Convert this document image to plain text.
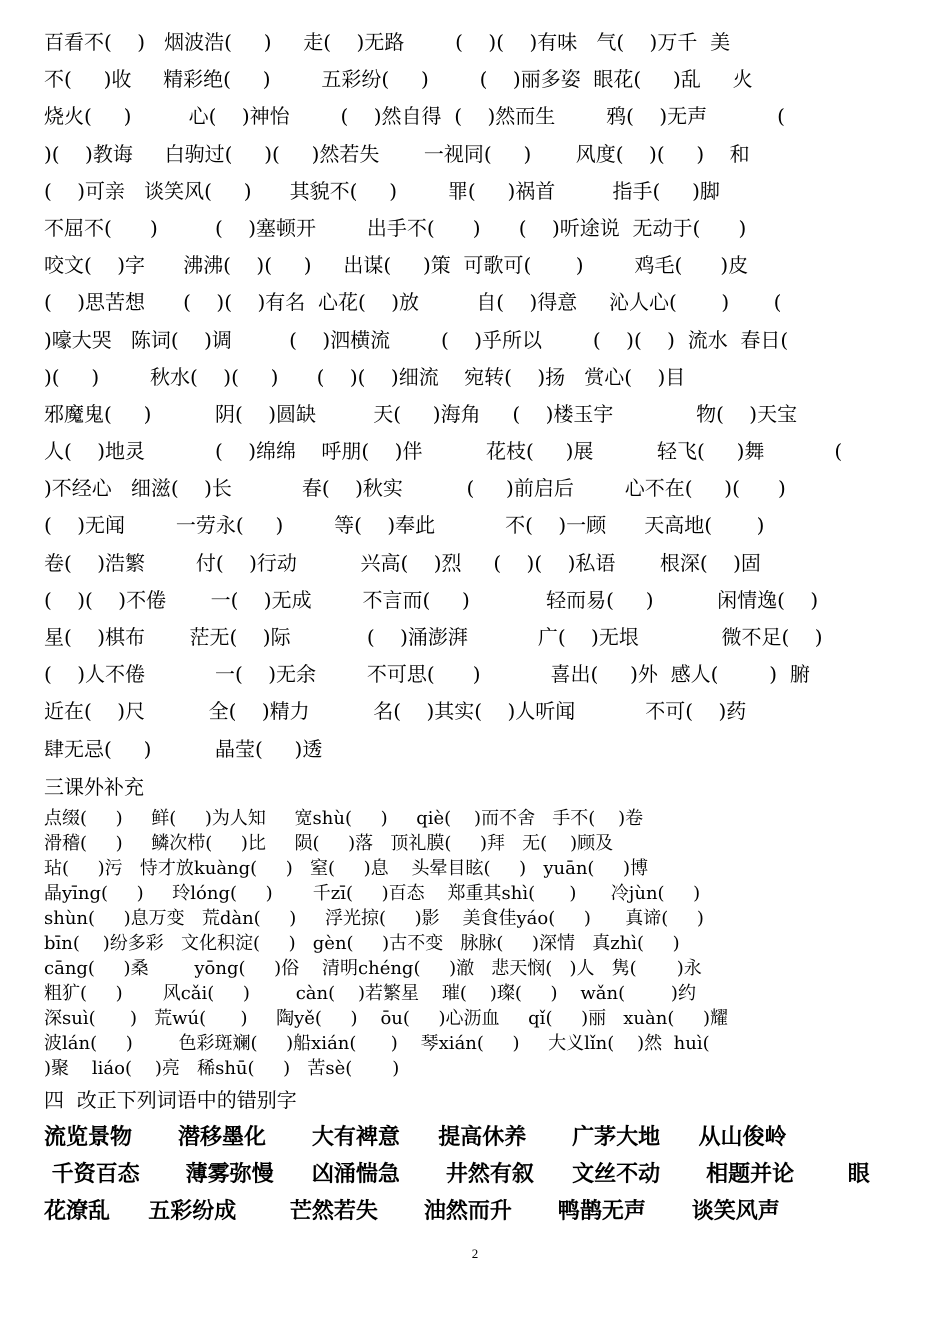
百看不(    )   烟波浩(     )     走(    )无路        (    )(    )有味   气(    )万千  美
不(     )收     精彩绝(     )        五彩纷(     )        (    )丽多姿  眼花(     )乱     火
烧火(     )         心(    )神怡        (    )然自得  (    )然而生        鸦(    )无声           (
)(    )教诲     白驹过(     )(     )然若失       一视同(     )       风度(    )(     )    和
(    )可亲   谈笑风(     )      其貌不(     )        罪(     )祸首         指手(     )脚
不屈不(      )         (    )塞顿开        出手不(      )      (    )听途说  无动于(      )
咬文(    )字      沸沸(    )(     )     出谋(     )策  可歌可(       )        鸡毛(      )皮
(    )思苦想      (    )(    )有名  心花(    )放         自(    )得意     沁人心(       )       (
)嚎大哭   陈词(    )调         (    )泗横流        (    )乎所以        (    )(    )  流水  春日(
)(     )        秋水(    )(     )      (    )(    )细流    宛转(    )扬   赏心(    )目
邪魔鬼(     )          阴(    )圆缺         天(     )海角     (    )楼玉宇             物(    )天宝
人(    )地灵           (    )绵绵    呼朋(    )伴          花枝(     )展          轻飞(     )舞           (
)不经心   细滋(    )长           春(    )秋实          (     )前启后        心不在(     )(      )
(    )无闻        一劳永(     )        等(    )奉此           不(    )一顾      天高地(       )
卷(    )浩繁        付(    )行动          兴高(    )烈     (    )(    )私语       根深(    )固
(    )(    )不倦       一(    )无成        不言而(     )            轻而易(     )          闲情逸(    )
星(    )棋布       茫无(    )际            (    )涌澎湃           广(    )无垠             微不足(    )
(    )人不倦           一(    )无余        不可思(      )           喜出(     )外  感人(        )  腑
近在(    )尺          全(    )精力          名(    )其实(    )人听闻           不可(    )药
肆无忌(     )          晶莹(     )透
三课外补充
点缀(     )     鲜(     )为人知     宽shù(     )     qiè(    )而不舍   手不(    )卷
滑稽(     )     鳞次栉(     )比     陨(     )落   顶礼膜(     )拜   无(    )顾及
玷(     )污   恃才放kuàng(     )   窒(     )息    头晕目眩(     )   yuān(     )博
晶yīng(     )     玲lóng(     )       千zī(     )百态    郑重其shì(      )      冷jùn(     )
shùn(     )息万变   荒dàn(     )     浮光掠(     )影    美食佳yáo(     )      真谛(     )
bīn(    )纷多彩   文化积淀(     )   gèn(     )古不变   脉脉(     )深情   真zhì(     )
cāng(     )桑        yōng(     )俗    清明chéng(     )澈   悲天悯(   )人   隽(       )永
粗犷(     )       风cǎi(     )        càn(    )若繁星    璀(    )璨(     )    wǎn(        )约
深suì(      )   荒wú(      )     陶yě(     )    ōu(     )心沥血     qǐ(     )丽   xuàn(     )耀
波lán(     )        色彩斑斓(     )船xián(      )    琴xián(     )     大义lǐn(    )然  huì(
)聚    liáo(    )亮   稀shū(     )   苦sè(       )
四  改正下列词语中的错别字
流览景物      潜移墨化      大有裨意     提高休养      广茅大地     从山俊岭
千资百态      薄雾弥慢     凶涌惴急      井然有叙     文丝不动      相题并论       眼
花潦乱     五彩纷成       芒然若失      油然而升      鸭鹊无声      谈笑风声
2
